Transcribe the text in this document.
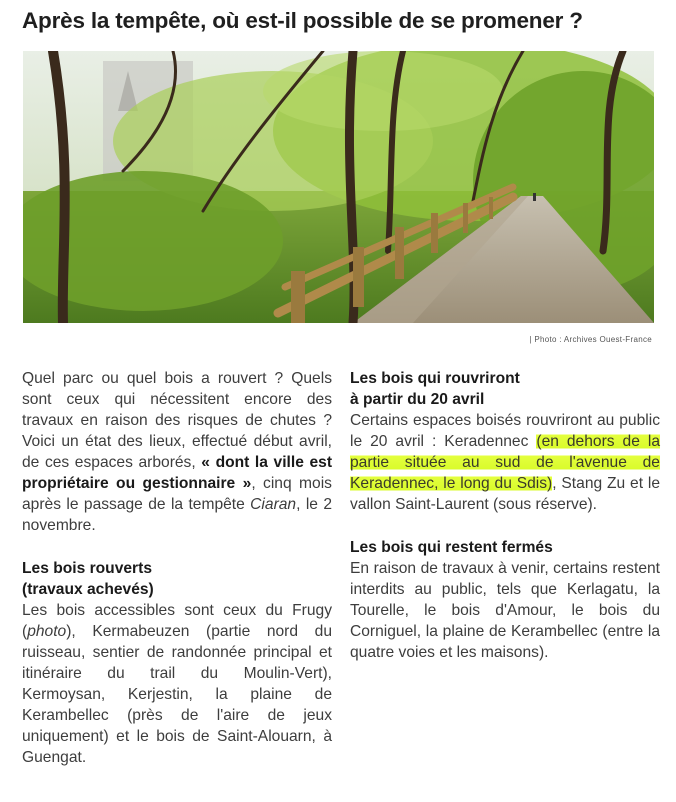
Après la tempête, où est-il possible de se promener ?
| Photo : Archives Ouest-France

Quel parc ou quel bois a rouvert ? Quels sont ceux qui nécessitent encore des travaux en raison des risques de chutes ? Voici un état des lieux, effectué début avril, de ces espaces arborés, « dont la ville est propriétaire ou gestionnaire », cinq mois après le passage de la tempête Ciaran, le 2 novembre.

Les bois rouverts
(travaux achevés)

Les bois accessibles sont ceux du Frugy (photo), Kermabeuzen (partie nord du ruisseau, sentier de randonnée principal et itinéraire du trail du Moulin-Vert), Kermoysan, Kerjestin, la plaine de Kerambellec (près de l'aire de jeux uniquement) et le bois de Saint-Alouarn, à Guengat.

Les bois qui rouvriront
à partir du 20 avril

Certains espaces boisés rouvriront au public le 20 avril : Keradennec (en dehors de la partie située au sud de l'avenue de Keradennec, le long du Sdis), Stang Zu et le vallon Saint-Laurent (sous réserve).

Les bois qui restent fermés

En raison de travaux à venir, certains restent interdits au public, tels que Kerlagatu, la Tourelle, le bois d'Amour, le bois du Corniguel, la plaine de Kerambellec (entre la quatre voies et les maisons).
